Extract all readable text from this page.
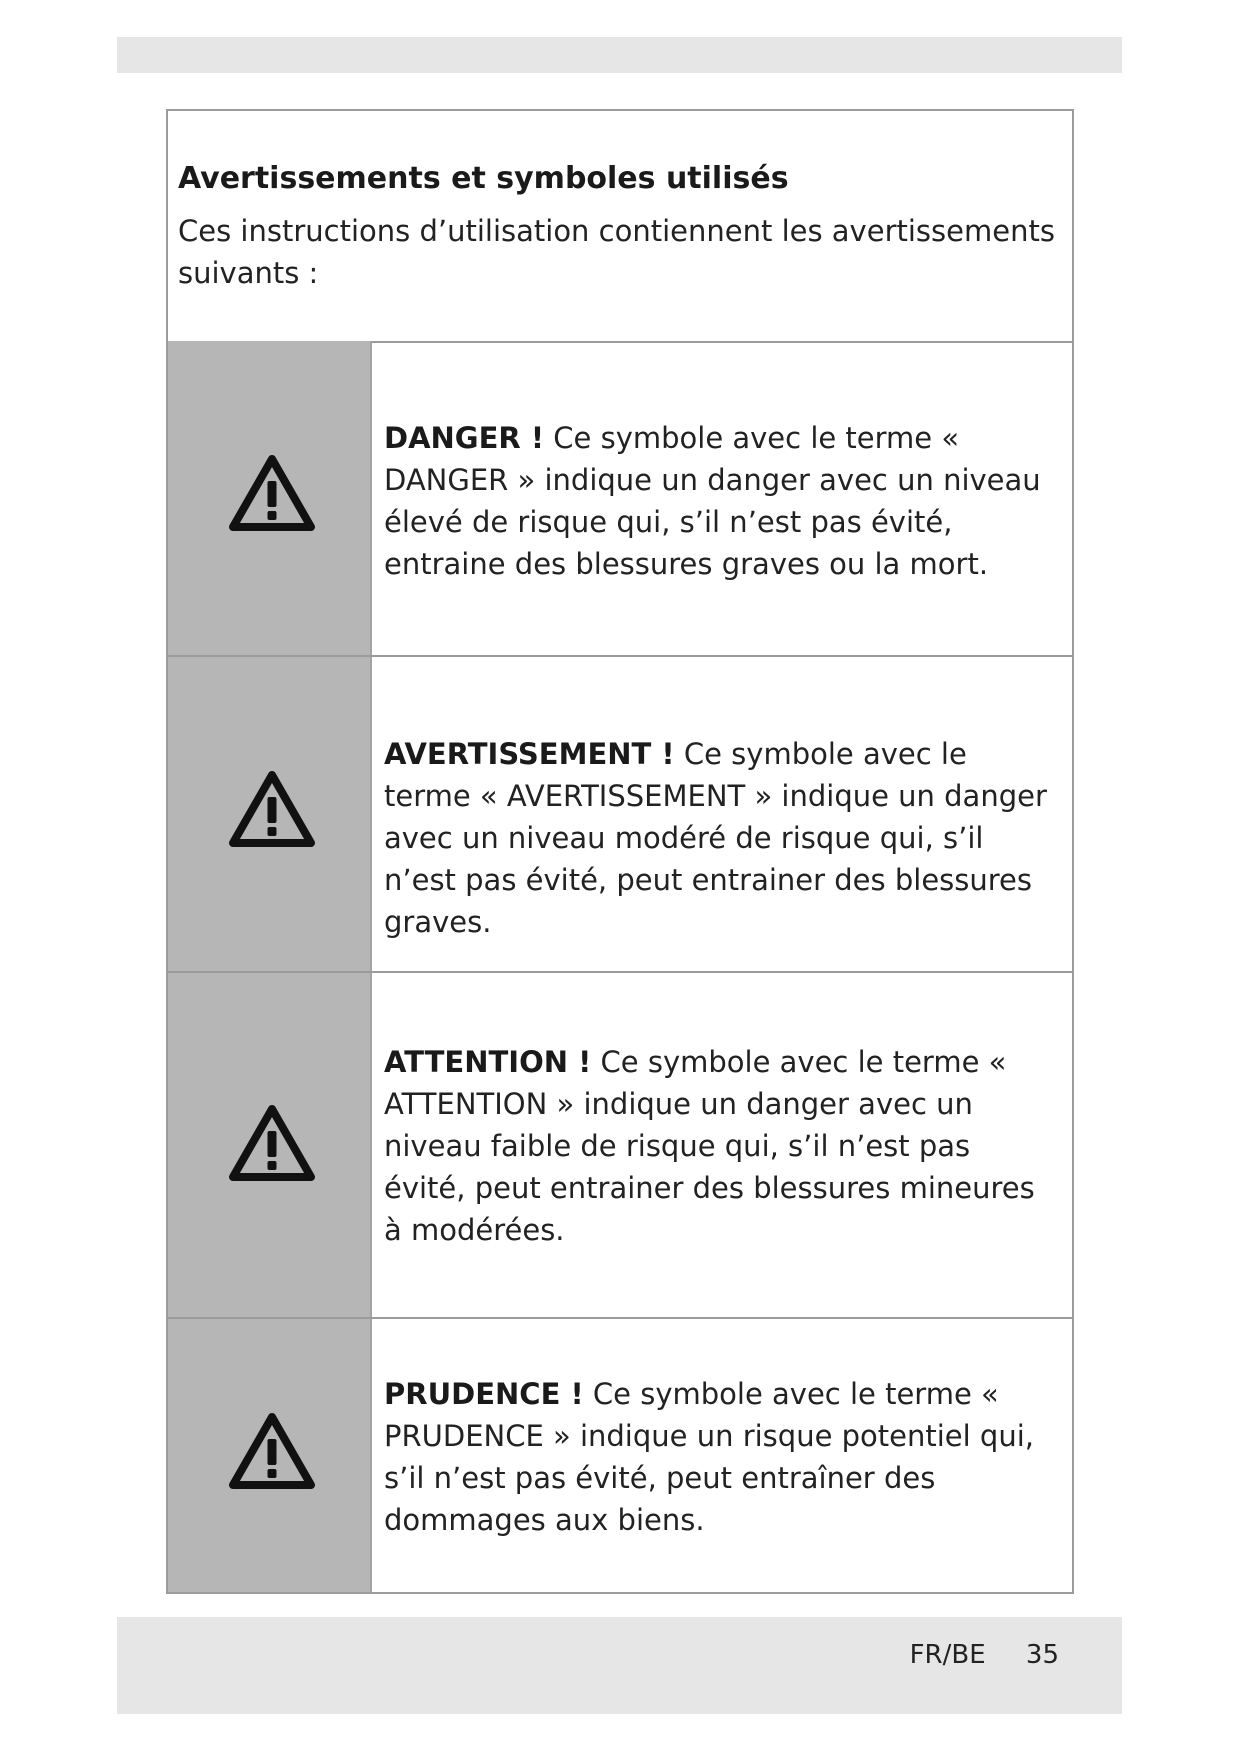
Avertissements et symboles utilisés

Ces instructions d’utilisation contiennent les avertissements suivants :

DANGER ! Ce symbole avec le terme « DANGER » indique un danger avec un niveau élevé de risque qui, s’il n’est pas évité, entraine des blessures graves ou la mort.
AVERTISSEMENT ! Ce symbole avec le terme « AVERTISSEMENT » indique un danger avec un niveau modéré de risque qui, s’il n’est pas évité, peut entrainer des blessures graves.
ATTENTION ! Ce symbole avec le terme « ATTENTION » indique un danger avec un niveau faible de risque qui, s’il n’est pas évité, peut entrainer des blessures mineures à modérées.
PRUDENCE ! Ce symbole avec le terme « PRUDENCE » indique un risque potentiel qui, s’il n’est pas évité, peut entraîner des dommages aux biens.
FR/BE 35
